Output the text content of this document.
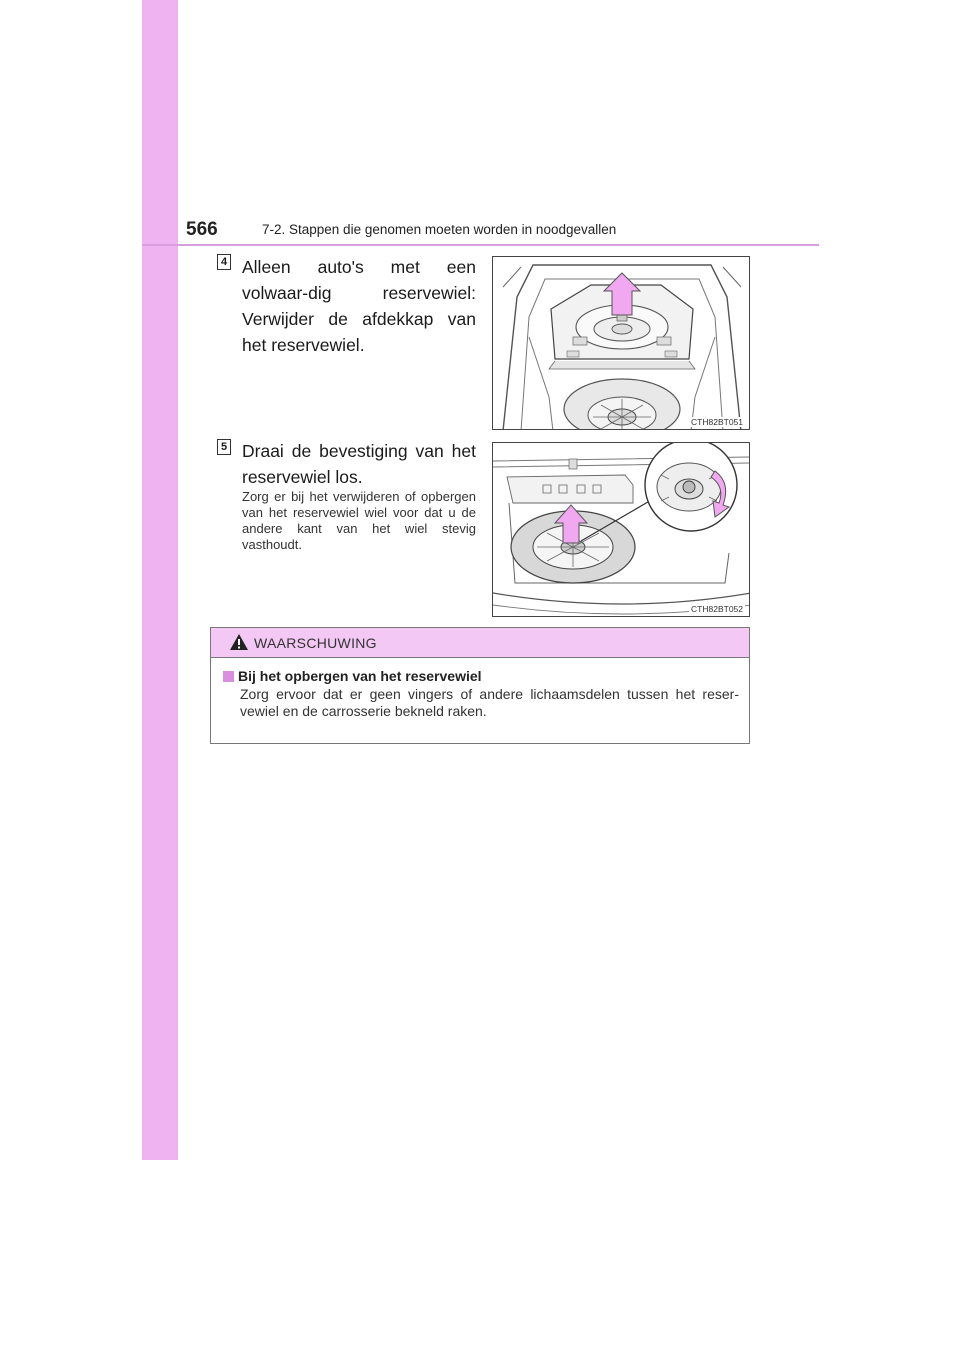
566	7-2. Stappen die genomen moeten worden in noodgevallen
4 Alleen auto's met een volwaar-dig reservewiel: Verwijder de afdekkap van het reservewiel.
CTH82BT051
5 Draai de bevestiging van het reservewiel los.
Zorg er bij het verwijderen of opbergen van het reservewiel wiel voor dat u de andere kant van het wiel stevig vasthoudt.
CTH82BT052
WAARSCHUWING
Bij het opbergen van het reservewiel
Zorg ervoor dat er geen vingers of andere lichaamsdelen tussen het reser-vewiel en de carrosserie bekneld raken.
